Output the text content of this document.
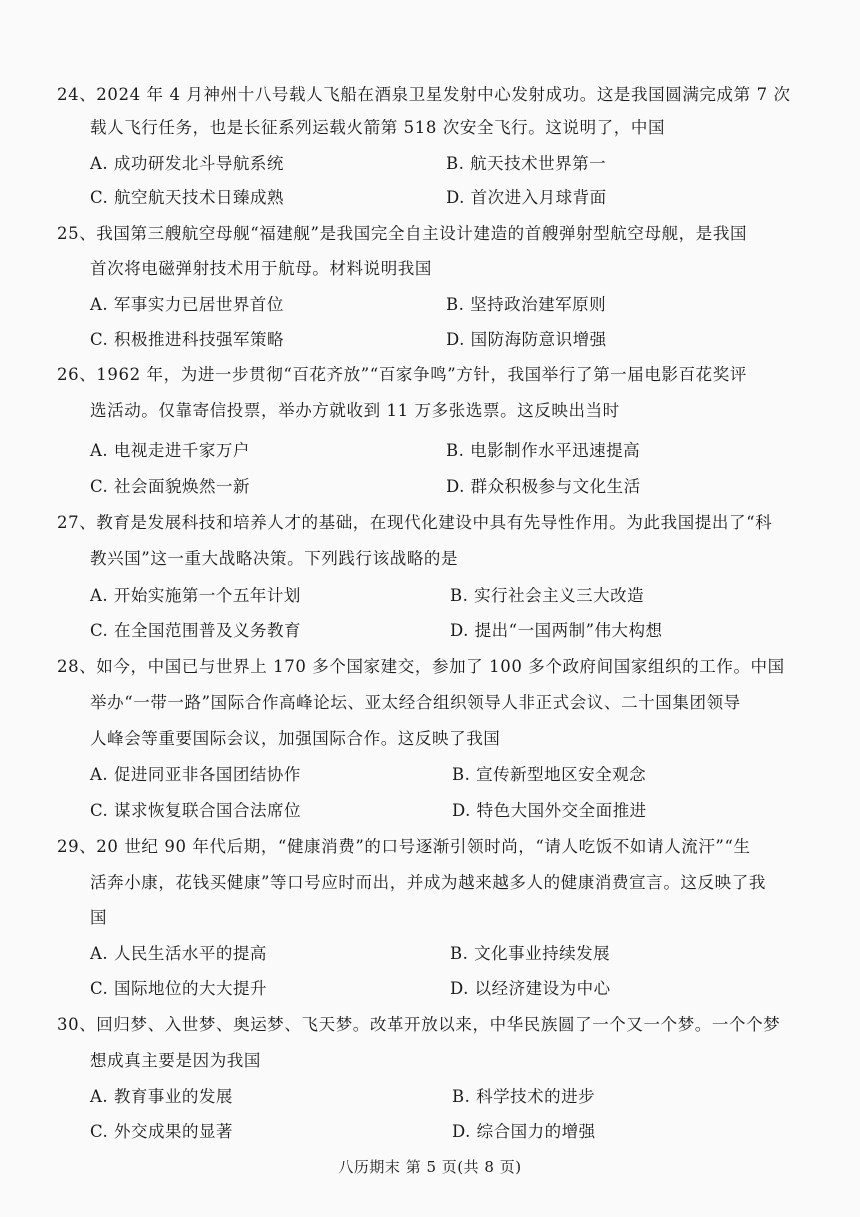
24、2024 年 4 月神州十八号载人飞船在酒泉卫星发射中心发射成功。这是我国圆满完成第 7 次
载人飞行任务，也是长征系列运载火箭第 518 次安全飞行。这说明了，中国
A. 成功研发北斗导航系统	B. 航天技术世界第一
C. 航空航天技术日臻成熟	D. 首次进入月球背面
25、我国第三艘航空母舰“福建舰”是我国完全自主设计建造的首艘弹射型航空母舰，是我国
首次将电磁弹射技术用于航母。材料说明我国
A. 军事实力已居世界首位	B. 坚持政治建军原则
C. 积极推进科技强军策略	D. 国防海防意识增强
26、1962 年，为进一步贯彻“百花齐放”“百家争鸣”方针，我国举行了第一届电影百花奖评
选活动。仅靠寄信投票，举办方就收到 11 万多张选票。这反映出当时
A. 电视走进千家万户	B. 电影制作水平迅速提高
C. 社会面貌焕然一新	D. 群众积极参与文化生活
27、教育是发展科技和培养人才的基础，在现代化建设中具有先导性作用。为此我国提出了“科
教兴国”这一重大战略决策。下列践行该战略的是
A. 开始实施第一个五年计划	B. 实行社会主义三大改造
C. 在全国范围普及义务教育	D. 提出“一国两制”伟大构想
28、如今，中国已与世界上 170 多个国家建交，参加了 100 多个政府间国家组织的工作。中国
举办“一带一路”国际合作高峰论坛、亚太经合组织领导人非正式会议、二十国集团领导
人峰会等重要国际会议，加强国际合作。这反映了我国
A. 促进同亚非各国团结协作	B. 宣传新型地区安全观念
C. 谋求恢复联合国合法席位	D. 特色大国外交全面推进
29、20 世纪 90 年代后期，“健康消费”的口号逐渐引领时尚，“请人吃饭不如请人流汗”“生
活奔小康，花钱买健康”等口号应时而出，并成为越来越多人的健康消费宣言。这反映了我
国
A. 人民生活水平的提高	B. 文化事业持续发展
C. 国际地位的大大提升	D. 以经济建设为中心
30、回归梦、入世梦、奥运梦、飞天梦。改革开放以来，中华民族圆了一个又一个梦。一个个梦
想成真主要是因为我国
A. 教育事业的发展	B. 科学技术的进步
C. 外交成果的显著	D. 综合国力的增强
八历期末 第 5 页(共 8 页)
